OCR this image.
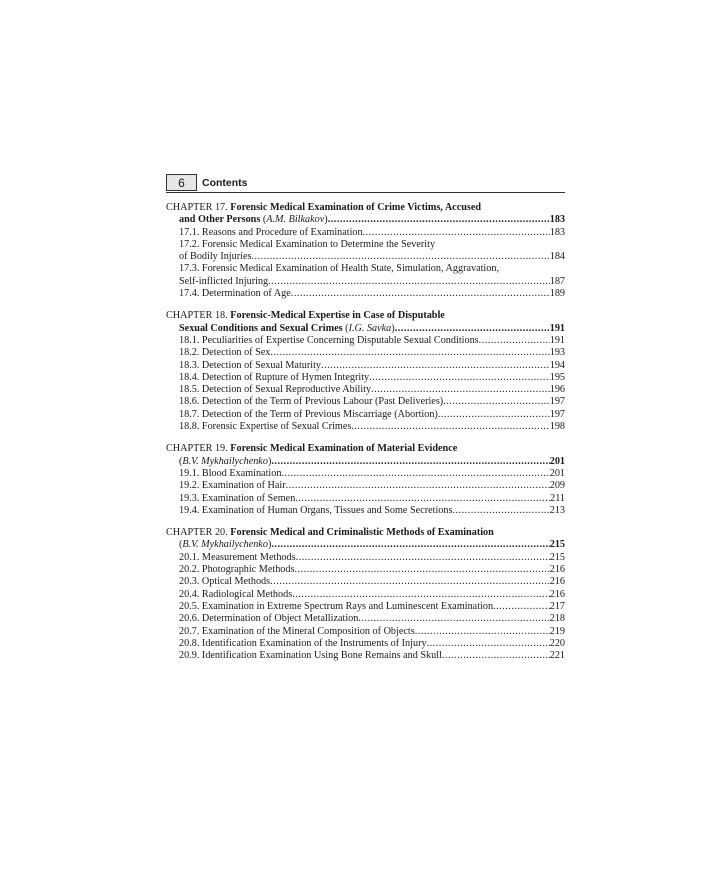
6	Contents
CHAPTER 17. Forensic Medical Examination of Crime Victims, Accused
and Other Persons (A.M. Bilkakov) .....	183
17.1. Reasons and Procedure of Examination .....	183
17.2. Forensic Medical Examination to Determine the Severity
of Bodily Injuries .....	184
17.3. Forensic Medical Examination of Health State, Simulation, Aggravation,
Self-inflicted Injuring .....	187
17.4. Determination of Age .....	189
CHAPTER 18. Forensic-Medical Expertise in Case of Disputable
Sexual Conditions and Sexual Crimes (I.G. Savka) .....	191
18.1. Peculiarities of Expertise Concerning Disputable Sexual Conditions .....	191
18.2. Detection of Sex .....	193
18.3. Detection of Sexual Maturity .....	194
18.4. Detection of Rupture of Hymen Integrity .....	195
18.5. Detection of Sexual Reproductive Ability .....	196
18.6. Detection of the Term of Previous Labour (Past Deliveries) .....	197
18.7. Detection of the Term of Previous Miscarriage (Abortion) .....	197
18.8. Forensic Expertise of Sexual Crimes .....	198
CHAPTER 19. Forensic Medical Examination of Material Evidence
(B.V. Mykhailychenko) .....	201
19.1. Blood Examination .....	201
19.2. Examination of Hair .....	209
19.3. Examination of Semen .....	211
19.4. Examination of Human Organs, Tissues and Some Secretions .....	213
CHAPTER 20. Forensic Medical and Criminalistic Methods of Examination
(B.V. Mykhailychenko) .....	215
20.1. Measurement Methods .....	215
20.2. Photographic Methods .....	216
20.3. Optical Methods .....	216
20.4. Radiological Methods .....	216
20.5. Examination in Extreme Spectrum Rays and Luminescent Examination .....	217
20.6. Determination of Object Metallization .....	218
20.7. Examination of the Mineral Composition of Objects .....	219
20.8. Identification Examination of the Instruments of Injury .....	220
20.9. Identification Examination Using Bone Remains and Skull .....	221
